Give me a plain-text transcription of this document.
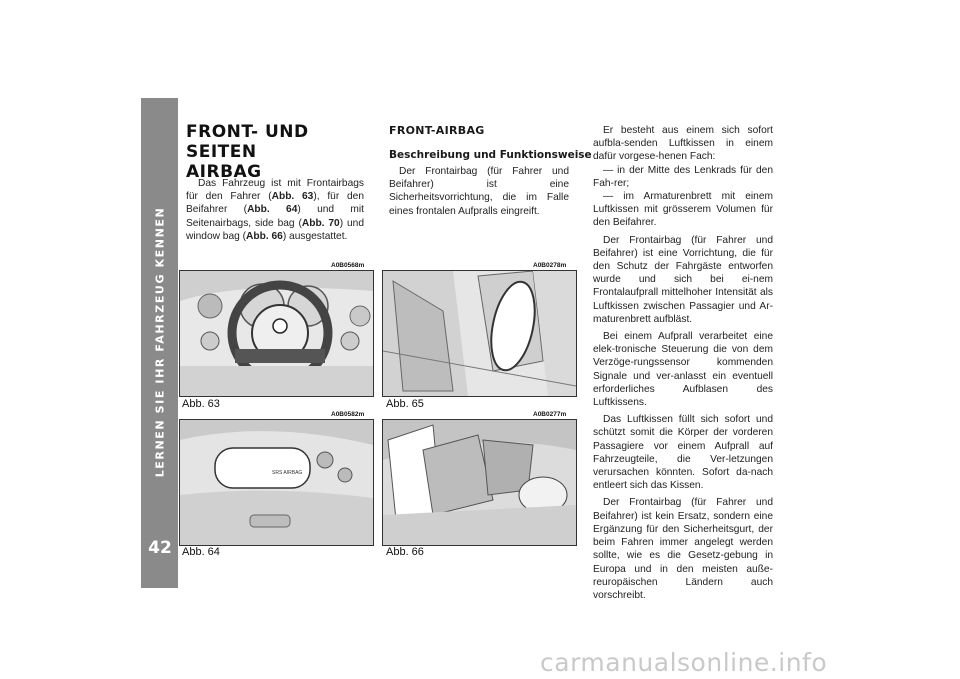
LERNEN SIE IHR FAHRZEUG KENNEN
42
FRONT- UND SEITEN
AIRBAG

Das Fahrzeug ist mit Frontairbags für den Fahrer (Abb. 63), für den Beifahrer (Abb. 64) und mit Seitenairbags, side bag (Abb. 70) und window bag (Abb. 66) ausgestattet.

FRONT-AIRBAG
Beschreibung und Funktionsweise

Der Frontairbag (für Fahrer und Beifahrer) ist eine Sicherheitsvorrichtung, die im Falle eines frontalen Aufpralls eingreift.

Er besteht aus einem sich sofort aufbla-senden Luftkissen in einem dafür vorgese-henen Fach:

— in der Mitte des Lenkrads für den Fah-rer;

— im Armaturenbrett mit einem Luftkissen mit grösserem Volumen für den Beifahrer.

Der Frontairbag (für Fahrer und Beifahrer) ist eine Vorrichtung, die für den Schutz der Fahrgäste entworfen wurde und sich bei ei-nem Frontalaufprall mittelhoher Intensität als Luftkissen zwischen Passagier und Ar-maturenbrett aufbläst.

Bei einem Aufprall verarbeitet eine elek-tronische Steuerung die von dem Verzöge-rungssensor kommenden Signale und ver-anlasst ein eventuell erforderliches Aufblasen des Luftkissens.

Das Luftkissen füllt sich sofort und schützt somit die Körper der vorderen Passagiere vor einem Aufprall auf Fahrzeugteile, die Ver-letzungen verursachen könnten. Sofort da-nach entleert sich das Kissen.

Der Frontairbag (für Fahrer und Beifahrer) ist kein Ersatz, sondern eine Ergänzung für den Sicherheitsgurt, der beim Fahren immer angelegt werden sollte, wie es die Gesetz-gebung in Europa und in den meisten auße-reuropäischen Ländern auch vorschreibt.

A0B0568m
Abb. 63
A0B0278m
Abb. 65
A0B0582m
SRS AIRBAG
Abb. 64
A0B0277m
Abb. 66
carmanualsonline.info
